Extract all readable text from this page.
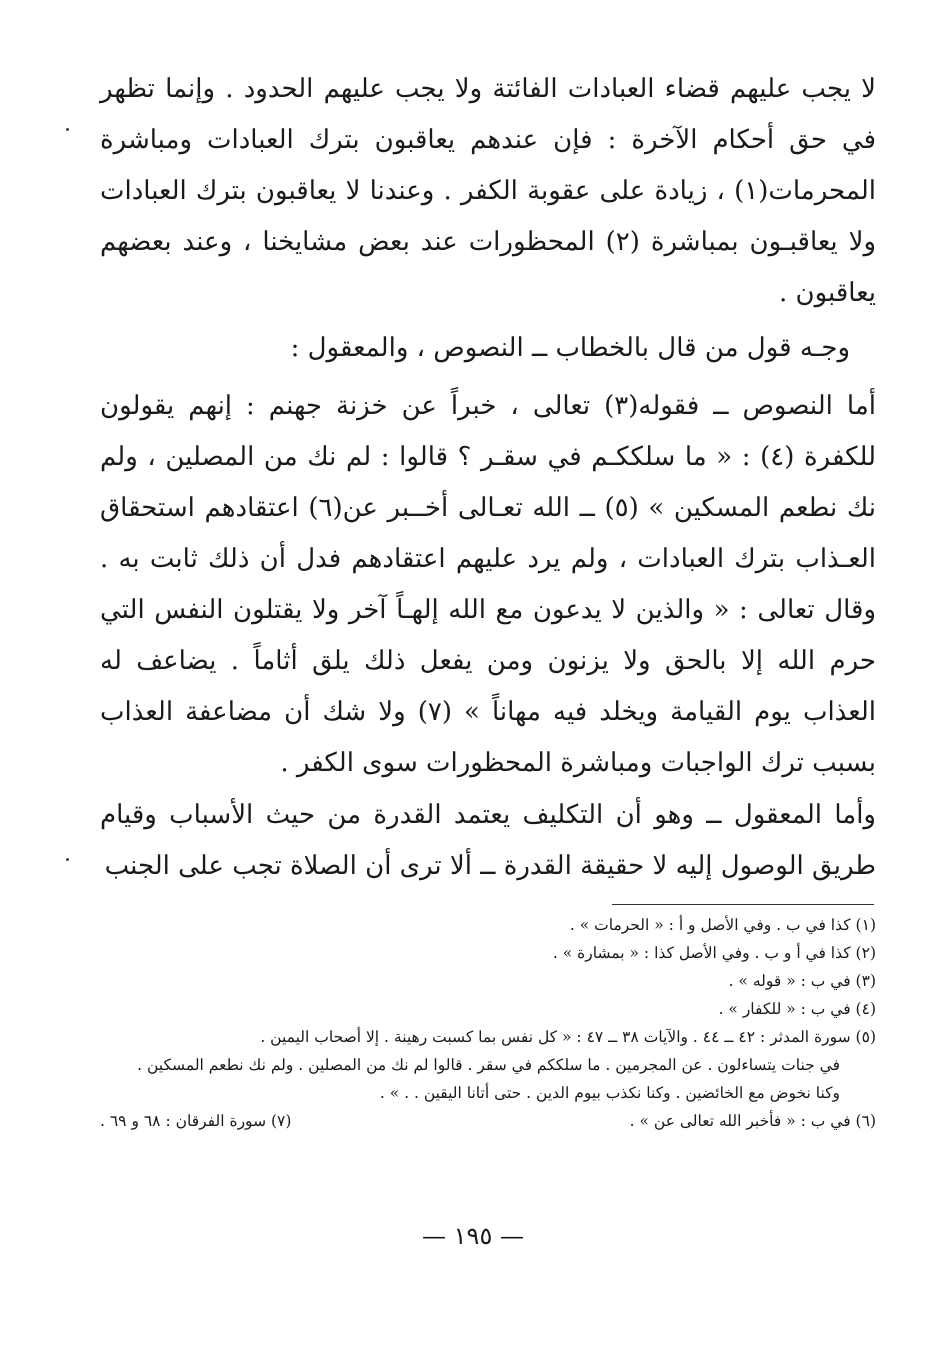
لا يجب عليهم قضاء العبادات الفائتة ولا يجب عليهم الحدود . وإنما تظهر في حق أحكام الآخرة : فإن عندهم يعاقبون بترك العبادات ومباشرة المحرمات(١) ، زيادة على عقوبة الكفر . وعندنا لا يعاقبون بترك العبادات ولا يعاقبـون بمباشرة (٢) المحظورات عند بعض مشايخنا ، وعند بعضهم يعاقبون .

وجـه قول من قال بالخطاب ــ النصوص ، والمعقول :

أما النصوص ــ فقوله(٣) تعالى ، خبراً عن خزنة جهنم : إنهم يقولون للكفرة (٤) : « ما سلككـم في سقـر ؟ قالوا : لم نك من المصلين ، ولم نك نطعم المسكين » (٥) ــ الله تعـالى أخــبر عن(٦) اعتقادهم استحقاق العـذاب بترك العبادات ، ولم يرد عليهم اعتقادهم فدل أن ذلك ثابت به . وقال تعالى : « والذين لا يدعون مع الله إلهـاً آخر ولا يقتلون النفس التي حرم الله إلا بالحق ولا يزنون ومن يفعل ذلك يلق أثاماً . يضاعف له العذاب يوم القيامة ويخلد فيه مهاناً » (٧) ولا شك أن مضاعفة العذاب بسبب ترك الواجبات ومباشرة المحظورات سوى الكفر .

وأما المعقول ــ وهو أن التكليف يعتمد القدرة من حيث الأسباب وقيام طريق الوصول إليه لا حقيقة القدرة ــ ألا ترى أن الصلاة تجب على الجنب

(١) كذا في ب . وفي الأصل و أ : « الحرمات » .
(٢) كذا في أ و ب . وفي الأصل كذا : « بمشارة » .
(٣) في ب : « قوله » .
(٤) في ب : « للكفار » .
(٥) سورة المدثر : ٤٢ ــ ٤٤ . والآيات ٣٨ ــ ٤٧ : « كل نفس بما كسبت رهينة . إلا أصحاب اليمين .
في جنات يتساءلون . عن المجرمين . ما سلككم في سقر . قالوا لم نك من المصلين . ولم نك نطعم المسكين .
وكنا نخوض مع الخائضين . وكنا نكذب بيوم الدين . حتى أتانا اليقين . . » .
(٦) في ب : « فأخبر الله تعالى عن » .
(٧) سورة الفرقان : ٦٨ و ٦٩ .
— ١٩٥ —
